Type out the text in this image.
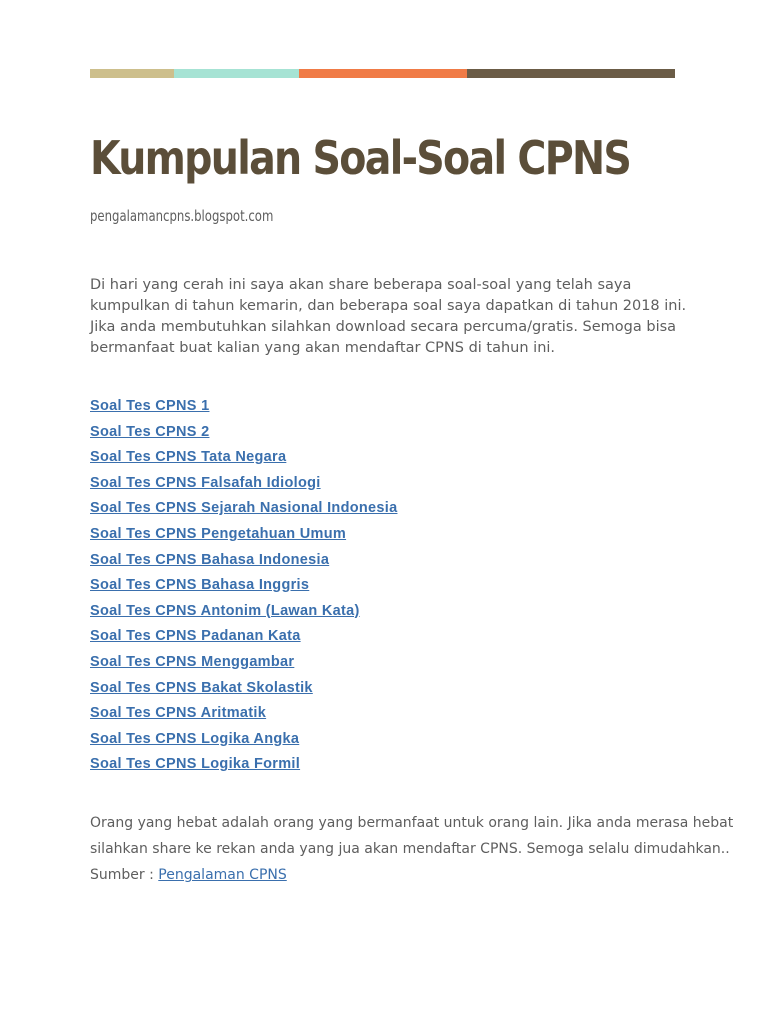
Kumpulan Soal-Soal CPNS

pengalamancpns.blogspot.com

Di hari yang cerah ini saya akan share beberapa soal-soal yang telah saya
kumpulkan di tahun kemarin, dan beberapa soal saya dapatkan di tahun 2018 ini.
Jika anda membutuhkan silahkan download secara percuma/gratis. Semoga bisa
bermanfaat buat kalian yang akan mendaftar CPNS di tahun ini.

Soal Tes CPNS 1
Soal Tes CPNS 2
Soal Tes CPNS Tata Negara
Soal Tes CPNS Falsafah Idiologi
Soal Tes CPNS Sejarah Nasional Indonesia
Soal Tes CPNS Pengetahuan Umum
Soal Tes CPNS Bahasa Indonesia
Soal Tes CPNS Bahasa Inggris
Soal Tes CPNS Antonim (Lawan Kata)
Soal Tes CPNS Padanan Kata
Soal Tes CPNS Menggambar
Soal Tes CPNS Bakat Skolastik
Soal Tes CPNS Aritmatik
Soal Tes CPNS Logika Angka
Soal Tes CPNS Logika Formil

Orang yang hebat adalah orang yang bermanfaat untuk orang lain. Jika anda merasa hebat
silahkan share ke rekan anda yang jua akan mendaftar CPNS. Semoga selalu dimudahkan..

Sumber : Pengalaman CPNS
